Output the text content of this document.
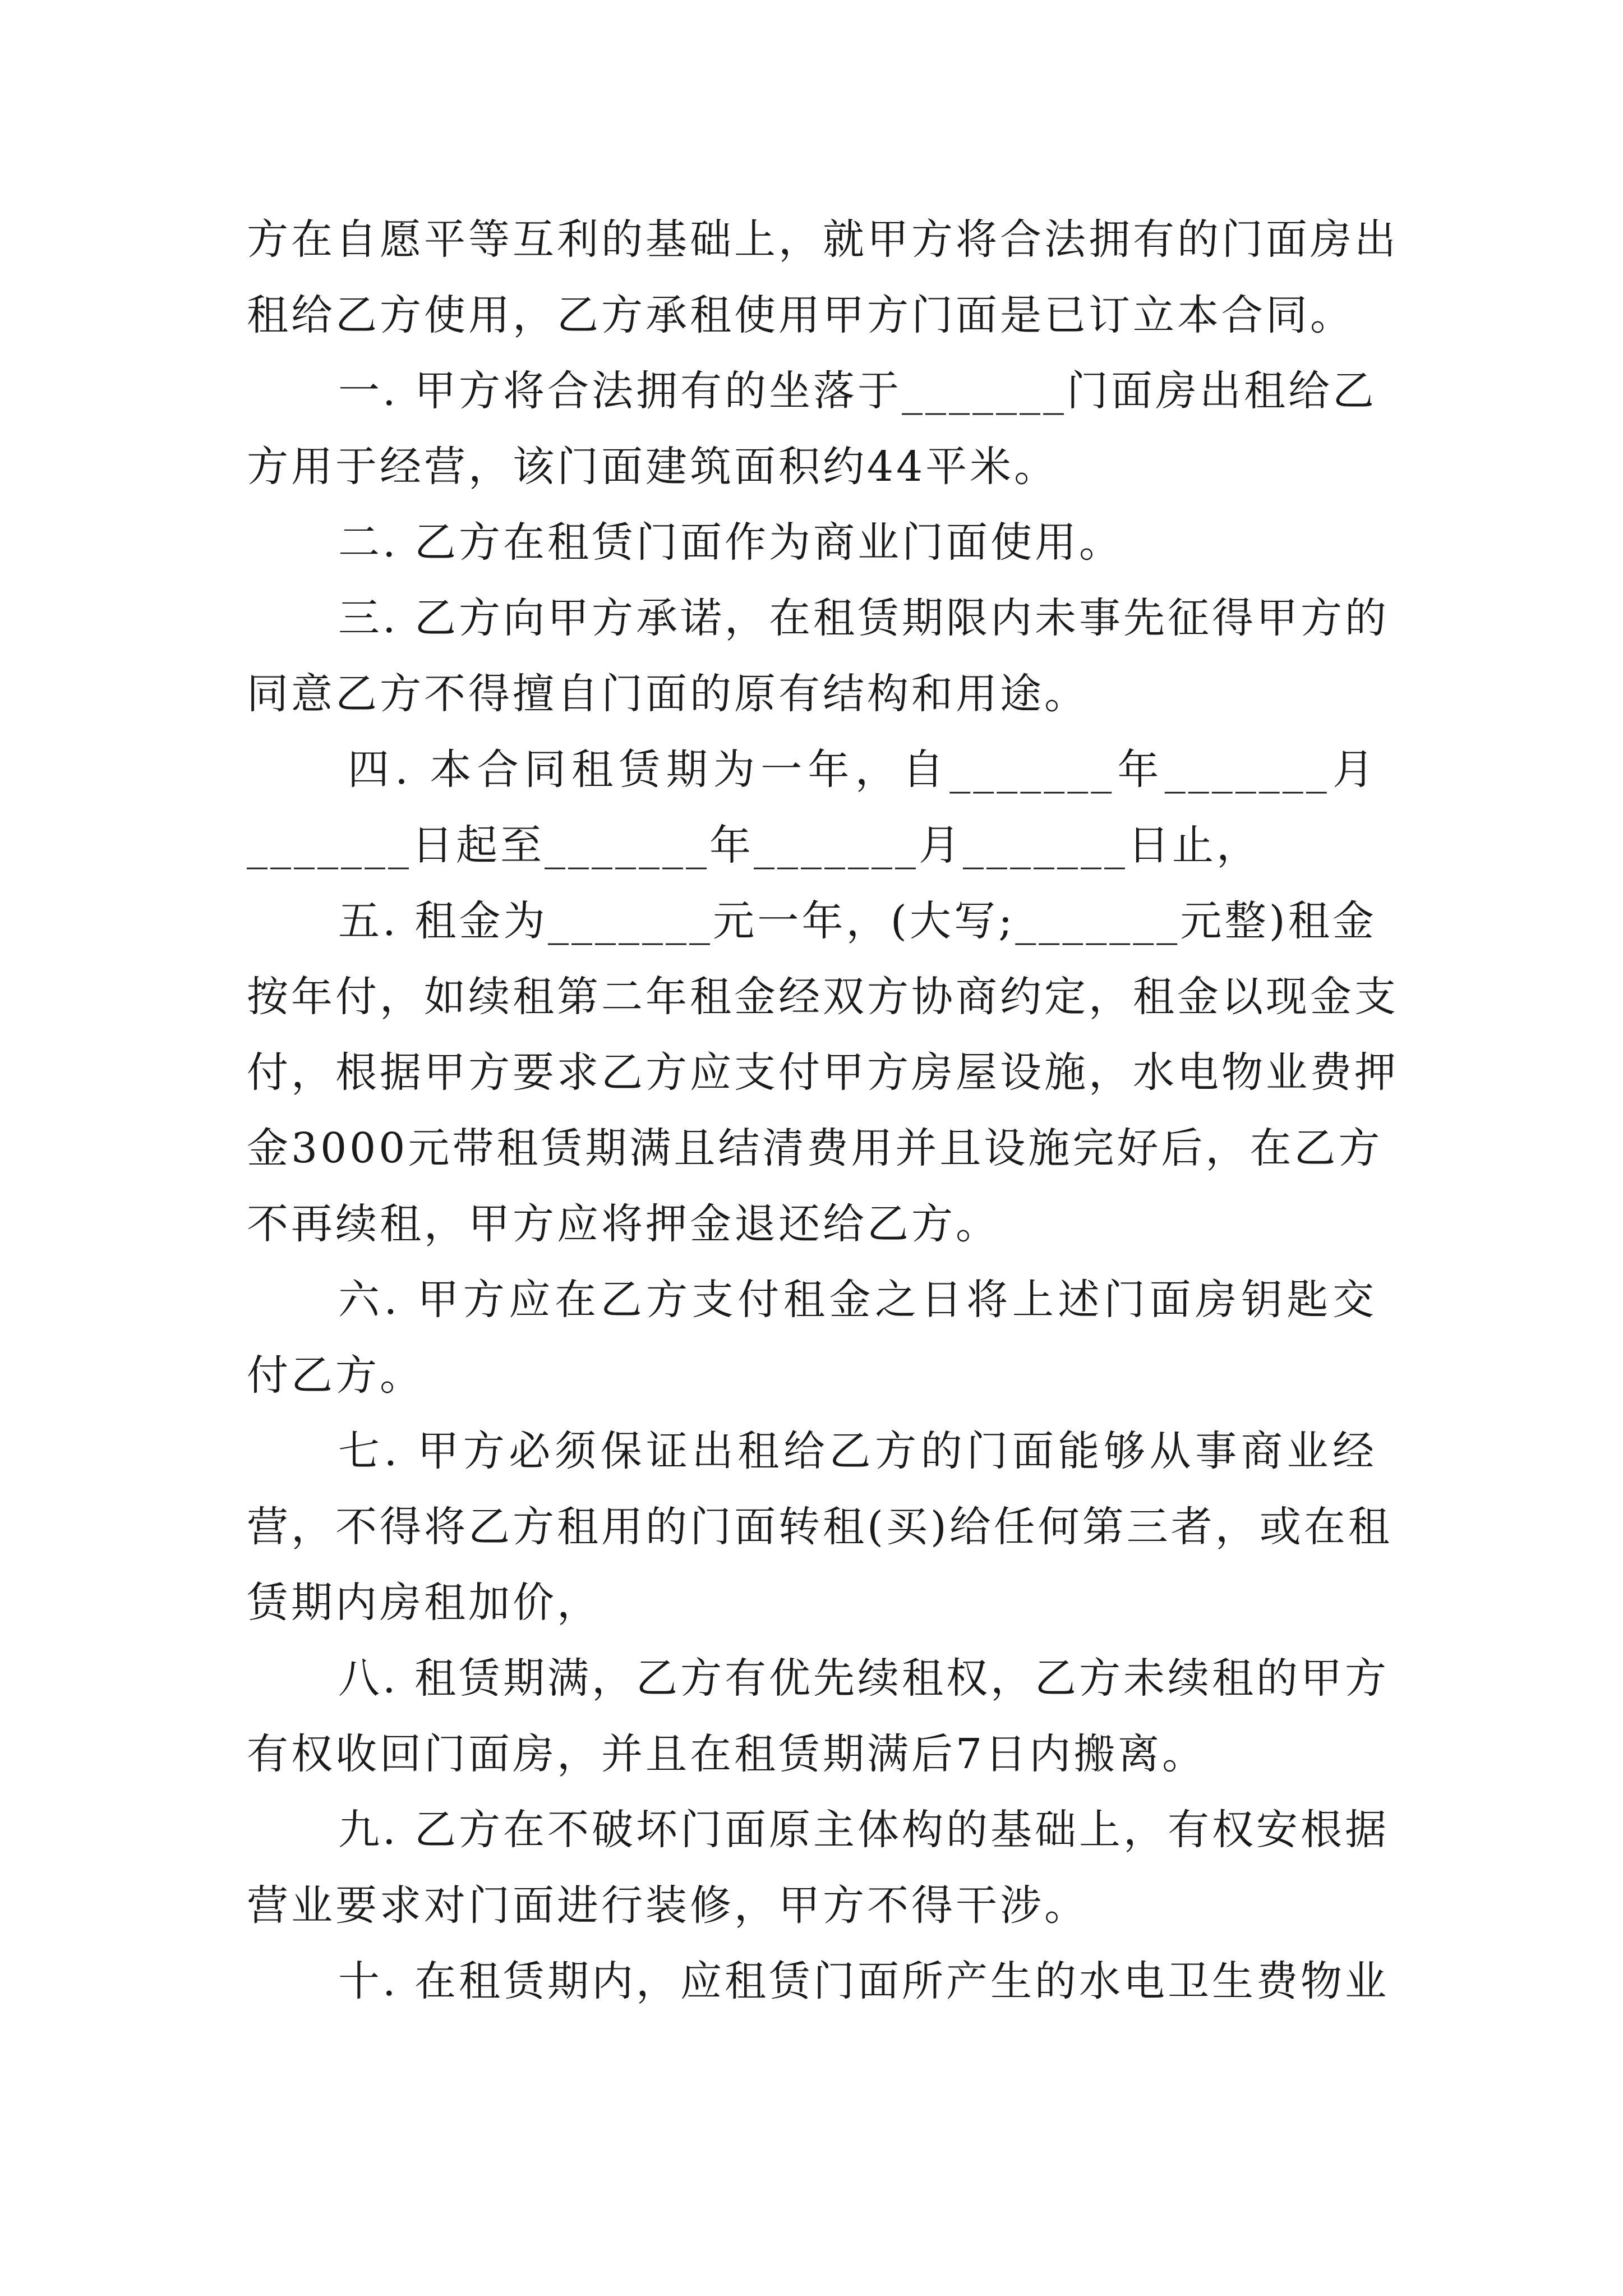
方在自愿平等互利的基础上，就甲方将合法拥有的门面房出
租给乙方使用，乙方承租使用甲方门面是已订立本合同。

一. 甲方将合法拥有的坐落于_______门面房出租给乙
方用于经营，该门面建筑面积约44平米。

二. 乙方在租赁门面作为商业门面使用。

三. 乙方向甲方承诺，在租赁期限内未事先征得甲方的
同意乙方不得擅自门面的原有结构和用途。

四. 本合同租赁期为一年，自_______年_______月
_______日起至_______年_______月_______日止，

五. 租金为_______元一年，(大写;_______元整)租金
按年付，如续租第二年租金经双方协商约定，租金以现金支
付，根据甲方要求乙方应支付甲方房屋设施，水电物业费押
金3000元带租赁期满且结清费用并且设施完好后，在乙方
不再续租，甲方应将押金退还给乙方。

六. 甲方应在乙方支付租金之日将上述门面房钥匙交
付乙方。

七. 甲方必须保证出租给乙方的门面能够从事商业经
营，不得将乙方租用的门面转租(买)给任何第三者，或在租
赁期内房租加价，

八. 租赁期满，乙方有优先续租权，乙方未续租的甲方
有权收回门面房，并且在租赁期满后7日内搬离。

九. 乙方在不破坏门面原主体构的基础上，有权安根据
营业要求对门面进行装修，甲方不得干涉。

十. 在租赁期内，应租赁门面所产生的水电卫生费物业
